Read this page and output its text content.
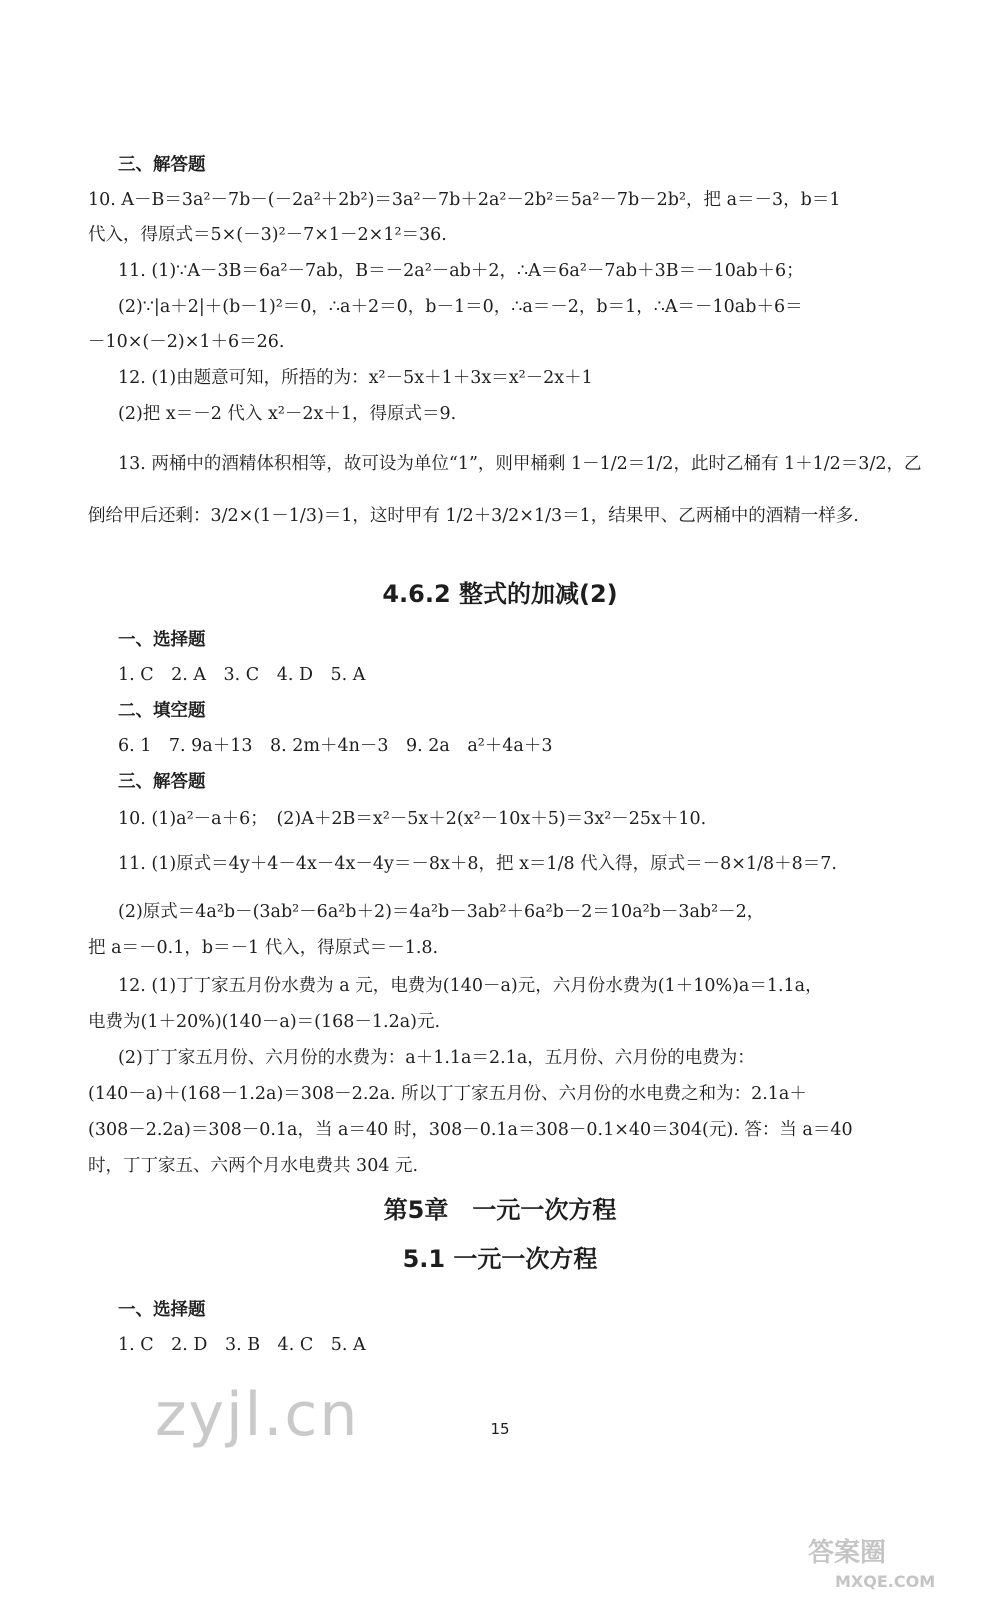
三、解答题
10. A－B＝3a²－7b－(－2a²＋2b²)＝3a²－7b＋2a²－2b²＝5a²－7b－2b²，把 a＝－3，b＝1
代入，得原式＝5×(－3)²－7×1－2×1²＝36.
11. (1)∵A－3B＝6a²－7ab，B＝－2a²－ab＋2，∴A＝6a²－7ab＋3B＝－10ab＋6；
(2)∵|a＋2|＋(b－1)²＝0，∴a＋2＝0，b－1＝0，∴a＝－2，b＝1，∴A＝－10ab＋6＝
－10×(－2)×1＋6＝26.
12. (1)由题意可知，所捂的为：x²－5x＋1＋3x＝x²－2x＋1
(2)把 x＝－2 代入 x²－2x＋1，得原式＝9.
13. 两桶中的酒精体积相等，故可设为单位“1”，则甲桶剩 1－1/2＝1/2，此时乙桶有 1＋1/2＝3/2，乙
倒给甲后还剩：3/2×(1－1/3)＝1，这时甲有 1/2＋3/2×1/3＝1，结果甲、乙两桶中的酒精一样多.
4.6.2 整式的加减(2)
一、选择题
1. C　2. A　3. C　4. D　5. A
二、填空题
6. 1　7. 9a＋13　8. 2m＋4n－3　9. 2a　a²＋4a＋3
三、解答题
10. (1)a²－a＋6；　(2)A＋2B＝x²－5x＋2(x²－10x＋5)＝3x²－25x＋10.
11. (1)原式＝4y＋4－4x－4x－4y＝－8x＋8，把 x＝1/8 代入得，原式＝－8×1/8＋8＝7.
(2)原式＝4a²b－(3ab²－6a²b＋2)＝4a²b－3ab²＋6a²b－2＝10a²b－3ab²－2，
把 a＝－0.1，b＝－1 代入，得原式＝－1.8.
12. (1)丁丁家五月份水费为 a 元，电费为(140－a)元，六月份水费为(1＋10%)a＝1.1a，
电费为(1＋20%)(140－a)＝(168－1.2a)元.
(2)丁丁家五月份、六月份的水费为：a＋1.1a＝2.1a，五月份、六月份的电费为：
(140－a)＋(168－1.2a)＝308－2.2a. 所以丁丁家五月份、六月份的水电费之和为：2.1a＋
(308－2.2a)＝308－0.1a，当 a＝40 时，308－0.1a＝308－0.1×40＝304(元). 答：当 a＝40
时，丁丁家五、六两个月水电费共 304 元.
第5章　一元一次方程
5.1 一元一次方程
一、选择题
1. C　2. D　3. B　4. C　5. A
15
zyjl.cn
答案圈
MXQE.COM
